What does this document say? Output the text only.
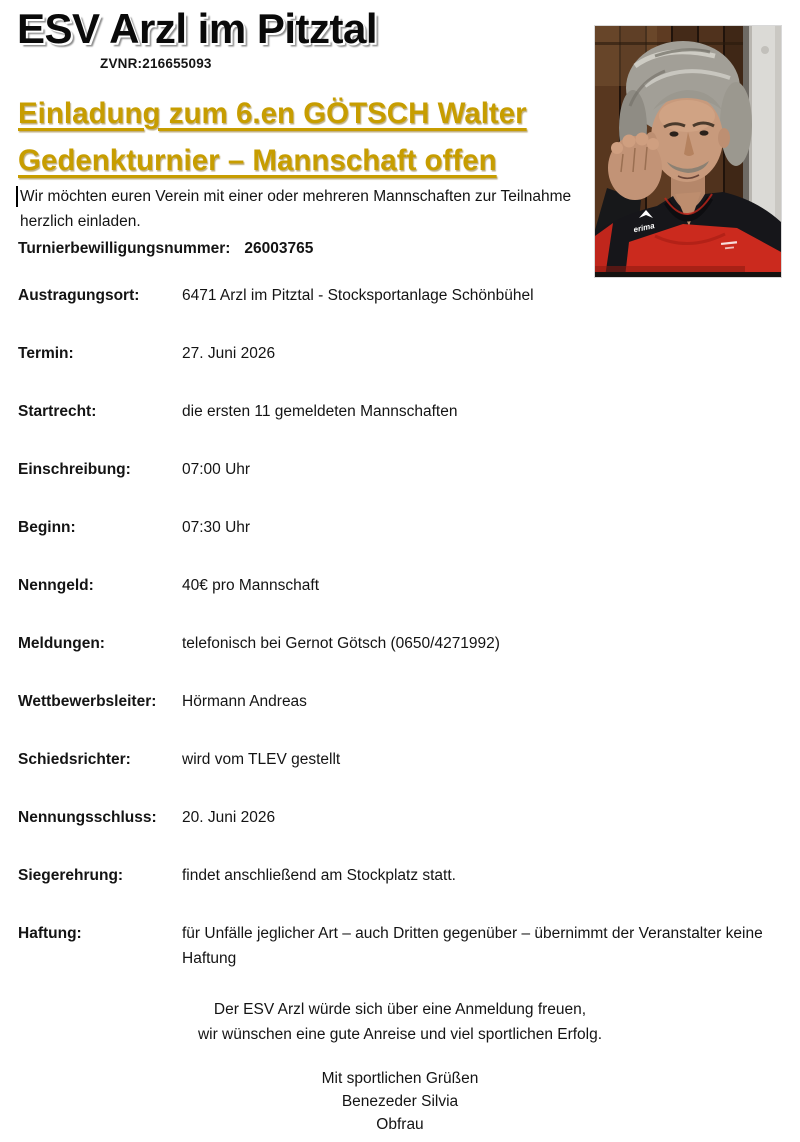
ESV Arzl im Pitztal
ZVNR:216655093
Einladung zum 6.en GÖTSCH Walter
Gedenkturnier – Mannschaft offen
erima
Wir möchten euren Verein mit einer oder mehreren Mannschaften zur Teilnahme herzlich einladen.
Turnierbewilligungsnummer: 26003765
Austragungsort:	6471 Arzl im Pitztal - Stocksportanlage Schönbühel
Termin:	27. Juni 2026
Startrecht:	die ersten 11 gemeldeten Mannschaften
Einschreibung:	07:00 Uhr
Beginn:	07:30 Uhr
Nenngeld:	40€ pro Mannschaft
Meldungen:	telefonisch bei Gernot Götsch (0650/4271992)
Wettbewerbsleiter:	Hörmann Andreas
Schiedsrichter:	wird vom TLEV gestellt
Nennungsschluss:	20. Juni 2026
Siegerehrung:	findet anschließend am Stockplatz statt.
Haftung:	für Unfälle jeglicher Art – auch Dritten gegenüber – übernimmt der Veranstalter keine Haftung
Der ESV Arzl würde sich über eine Anmeldung freuen,
wir wünschen eine gute Anreise und viel sportlichen Erfolg.
Mit sportlichen Grüßen
Benezeder Silvia
Obfrau
